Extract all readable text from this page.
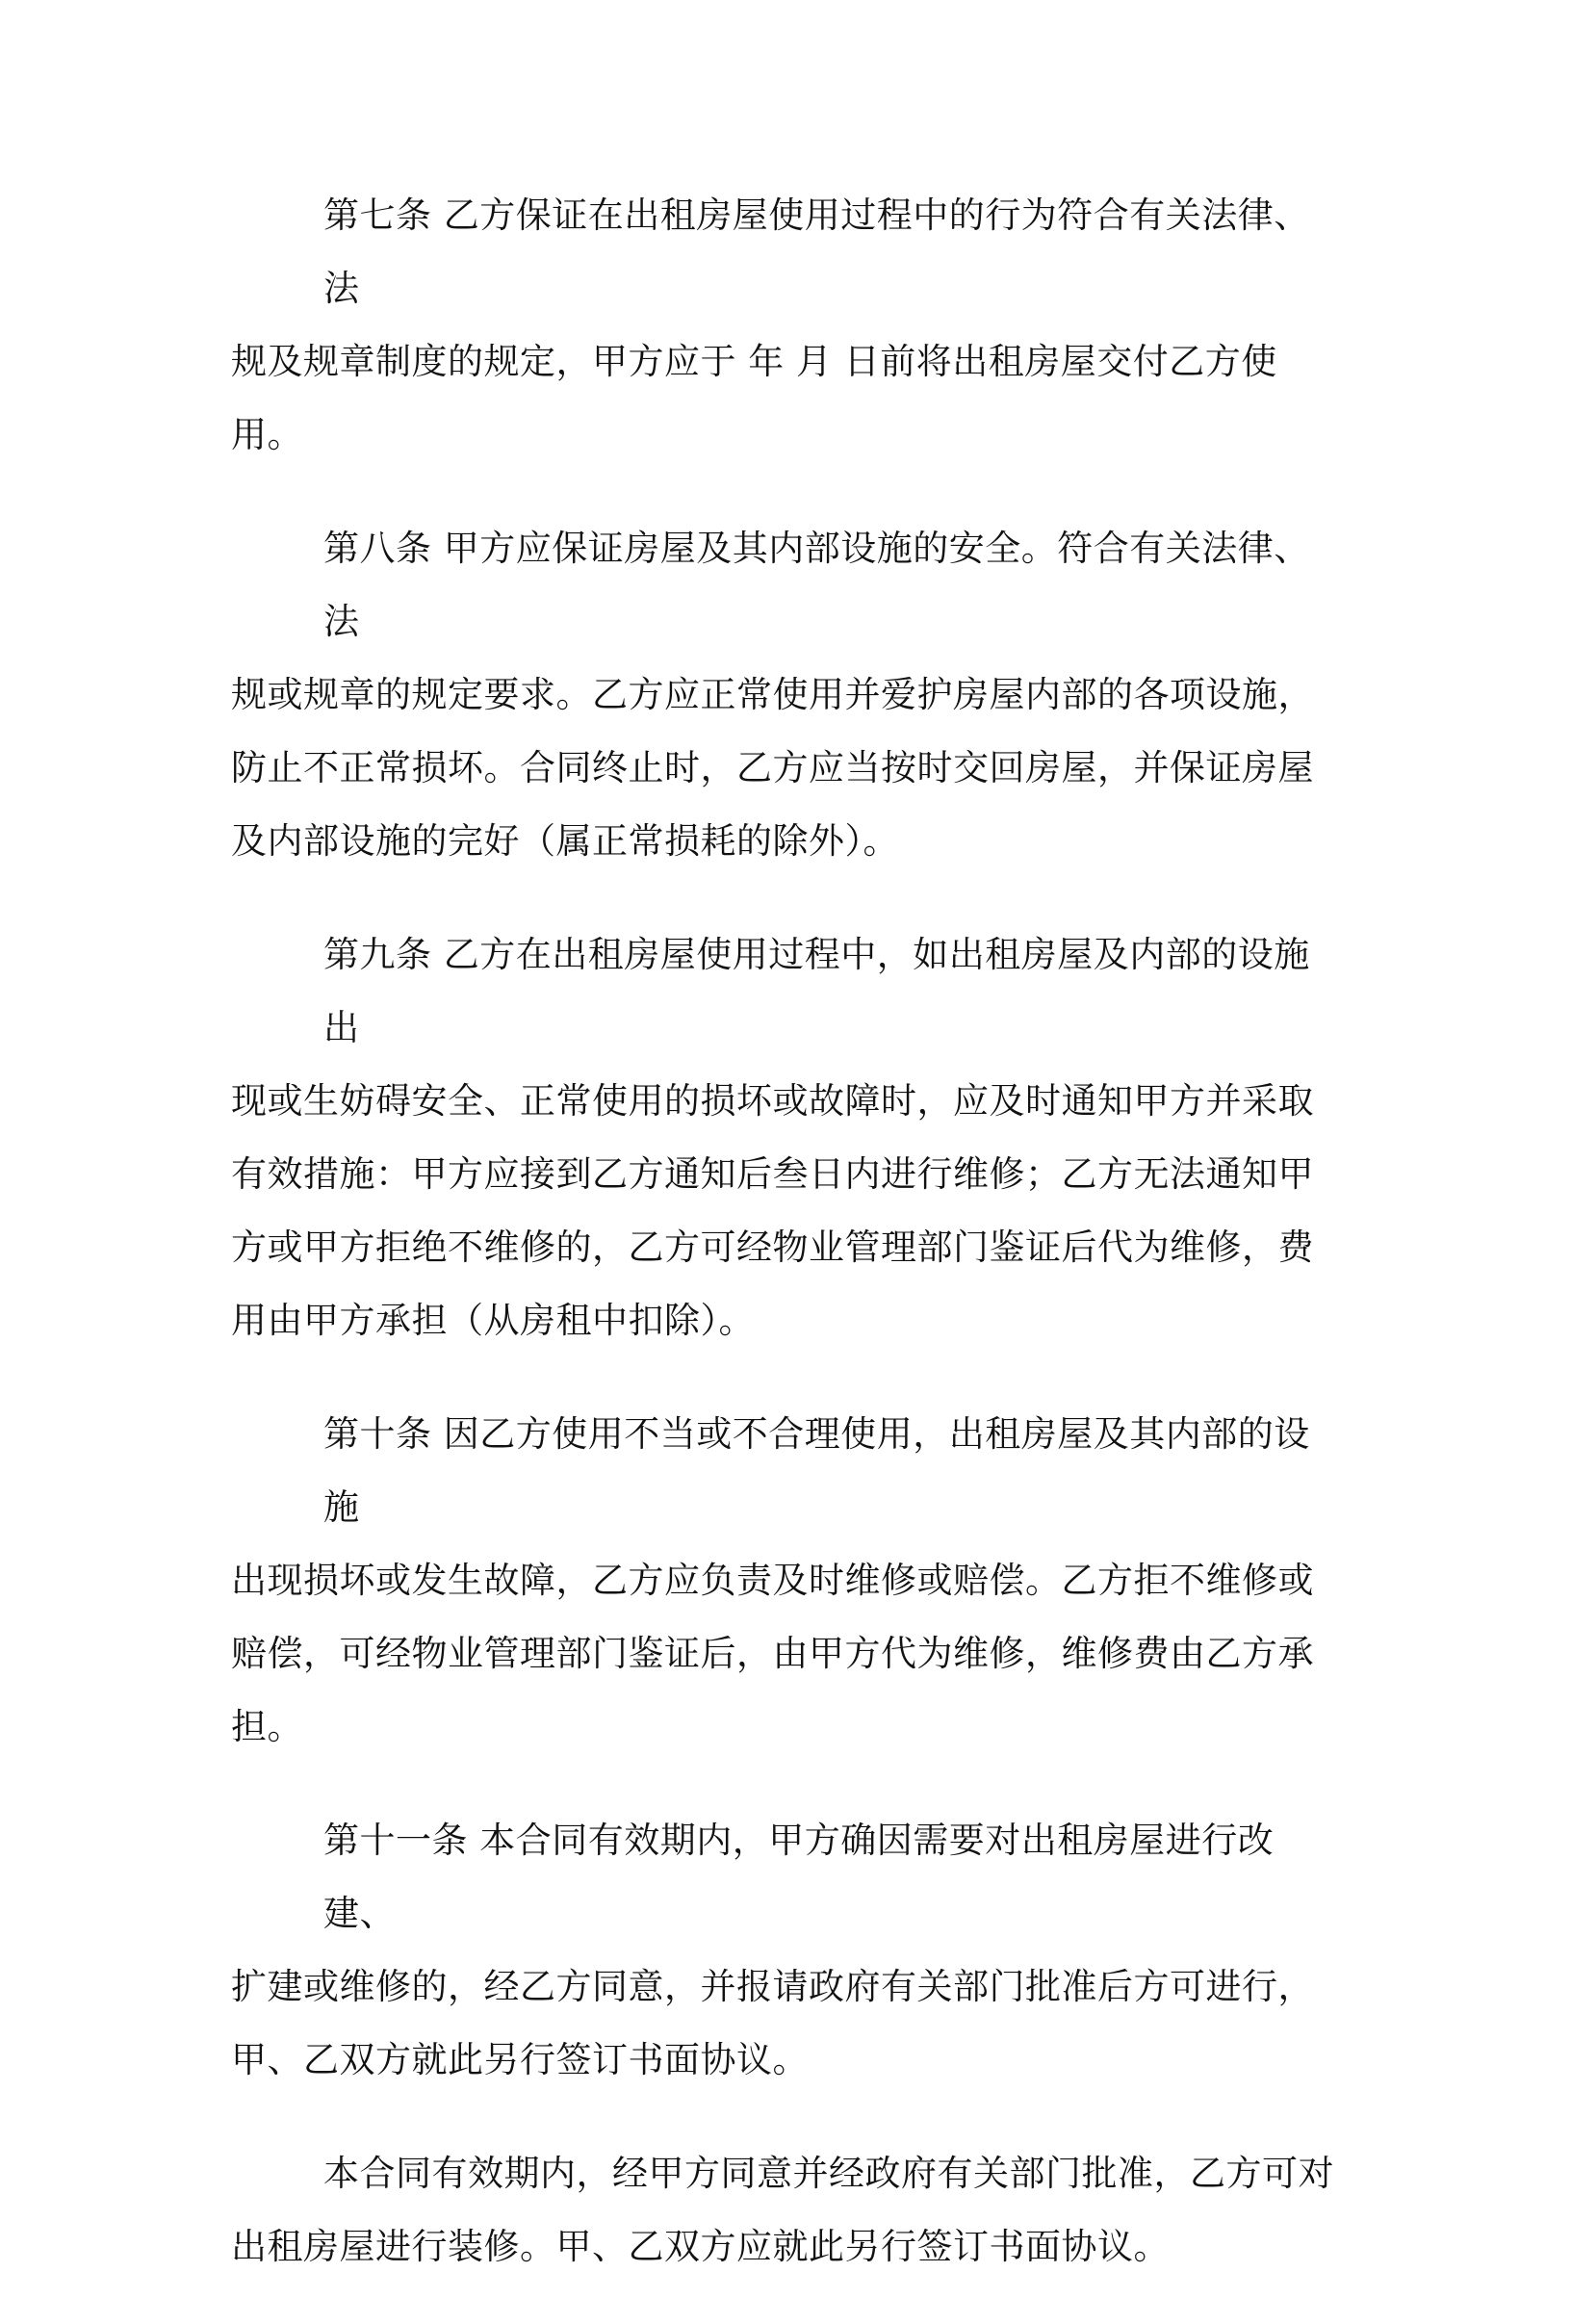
第七条 乙方保证在出租房屋使用过程中的行为符合有关法律、法
规及规章制度的规定，甲方应于 年 月 日前将出租房屋交付乙方使用。

第八条 甲方应保证房屋及其内部设施的安全。符合有关法律、法
规或规章的规定要求。乙方应正常使用并爱护房屋内部的各项设施，
防止不正常损坏。合同终止时，乙方应当按时交回房屋，并保证房屋
及内部设施的完好（属正常损耗的除外）。

第九条 乙方在出租房屋使用过程中，如出租房屋及内部的设施出
现或生妨碍安全、正常使用的损坏或故障时，应及时通知甲方并采取
有效措施：甲方应接到乙方通知后叁日内进行维修；乙方无法通知甲
方或甲方拒绝不维修的，乙方可经物业管理部门鉴证后代为维修，费
用由甲方承担（从房租中扣除）。

第十条 因乙方使用不当或不合理使用，出租房屋及其内部的设施
出现损坏或发生故障，乙方应负责及时维修或赔偿。乙方拒不维修或
赔偿，可经物业管理部门鉴证后，由甲方代为维修，维修费由乙方承
担。

第十一条 本合同有效期内，甲方确因需要对出租房屋进行改建、
扩建或维修的，经乙方同意，并报请政府有关部门批准后方可进行，
甲、乙双方就此另行签订书面协议。

本合同有效期内，经甲方同意并经政府有关部门批准，乙方可对
出租房屋进行装修。甲、乙双方应就此另行签订书面协议。
